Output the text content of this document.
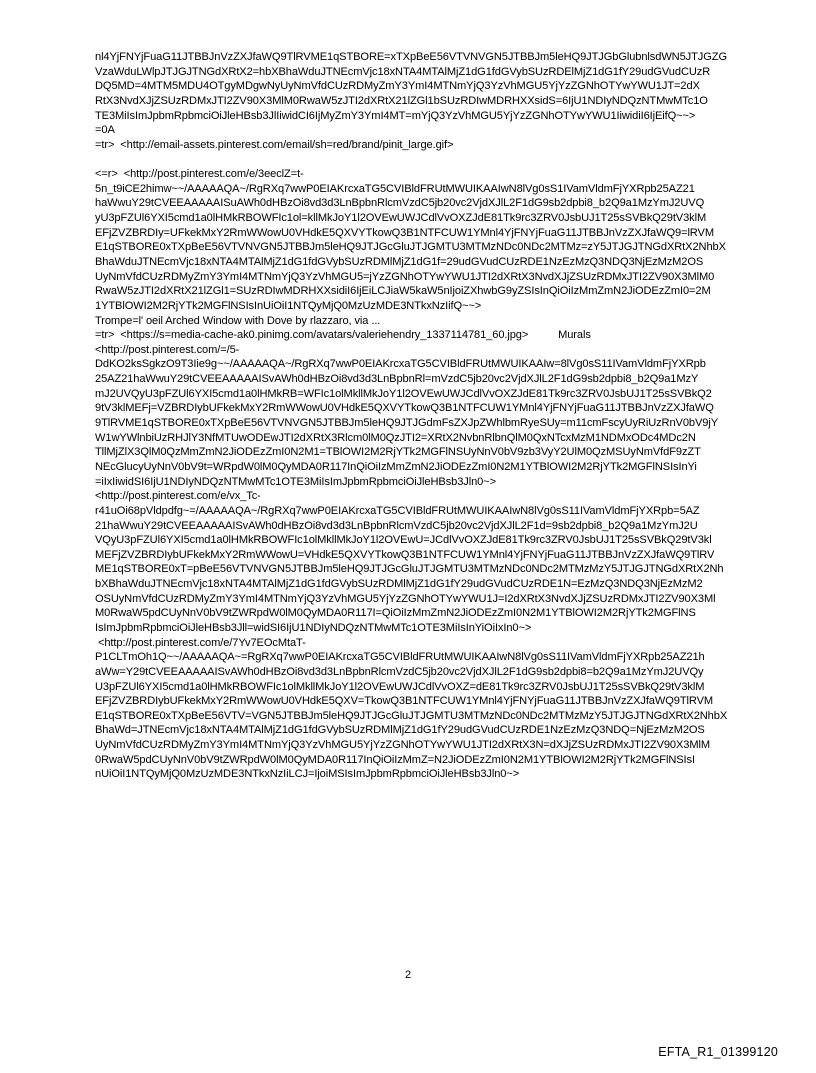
nl4YjFNYjFuaG11JTBBJnVzZXJfaWQ9TlRVME1qSTBORE=xTXpBeE56VTVNVGN5JTBBJm5leHQ9JTJGbGlubnlsdWN5JTJGZG
VzaWduLWlpJTJGJTNGdXRtX2=hbXBhaWduJTNEcmVjc18xNTA4MTAlMjZ1dG1fdGVybSUzRDElMjZ1dG1fY29udGVudCUzR
DQ5MD=4MTM5MDU4OTgyMDgwNyUyNmVfdCUzRDMyZmY3YmI4MTNmYjQ3YzVhMGU5YjYzZGNhOTYwYWU1JT=2dX
RtX3NvdXJjZSUzRDMxJTI2ZV90X3MlM0RwaW5zJTI2dXRtX21lZGl1bSUzRDIwMDRHXXsidS=6IjU1NDIyNDQzNTMwMTc1O
TE3MiIsImJpbmRpbmciOiJleHBsb3JlIiwidCI6IjMyZmY3YmI4MT=mYjQ3YzVhMGU5YjYzZGNhOTYwYWU1IiwidiI6IjEifQ~~>
=0A
=tr>  <http://email-assets.pinterest.com/email/sh=red/brand/pinit_large.gif>
<=r>  <http://post.pinterest.com/e/3eeclZ=t-
5n_t9iCE2himw~~/AAAAAQA~/RgRXq7wwP0EIAKrcxaTG5CVIBldFRUtMWUIKAAIwN8lVg0sS1IVamVldmFjYXRpb25AZ21
haWwuY29tCVEEAAAAAISuAWh0dHBzOi8vd3d3LnBpbnRlcmVzdC5jb20vc2VjdXJlL2F1dG9sb2dpbi8_b2Q9a1MzYmJ2UVQ
yU3pFZUl6YXI5cmd1a0lHMkRBOWFIc1ol=kllMkJoY1l2OVEwUWJCdlVvOXZJdE81Tk9rc3ZRV0JsbUJ1T25sSVBkQ29tV3klM
EFjZVZBRDIy=UFkekMxY2RmWWowU0VHdkE5QXVYTkowQ3B1NTFCUW1YMnl4YjFNYjFuaG11JTBBJnVzZXJfaWQ9=lRVM
E1qSTBORE0xTXpBeE56VTVNVGN5JTBBJm5leHQ9JTJGcGluJTJGMTU3MTMzNDc0NDc2MTMz=zY5JTJGJTNGdXRtX2NhbX
BhaWduJTNEcmVjc18xNTA4MTAlMjZ1dG1fdGVybSUzRDMlMjZ1dG1f=29udGVudCUzRDE1NzEzMzQ3NDQ3NjEzMzM2OS
UyNmVfdCUzRDMyZmY3YmI4MTNmYjQ3YzVhMGU5=jYzZGNhOTYwYWU1JTI2dXRtX3NvdXJjZSUzRDMxJTI2ZV90X3MlM0
RwaW5zJTI2dXRtX21lZGl1=SUzRDIwMDRHXXsidiI6IjEiLCJiaW5kaW5nIjoiZXhwbG9yZSIsInQiOiIzMmZmN2JiODEzZmI0=2M
1YTBlOWI2M2RjYTk2MGFlNSIsInUiOiI1NTQyMjQ0MzUzMDE3NTkxNzIifQ~~>
Trompe=l' oeil Arched Window with Dove by rlazzaro, via ...
=tr>  <https://s=media-cache-ak0.pinimg.com/avatars/valeriehendry_1337114781_60.jpg>          Murals
<http://post.pinterest.com/=/5-
DdKO2ksSgkzO9T3Iie9g~~/AAAAAQA~/RgRXq7wwP0EIAKrcxaTG5CVIBldFRUtMWUIKAAIw=8lVg0sS11IVamVldmFjYXRpb
25AZ21haWwuY29tCVEEAAAAAISvAWh0dHBzOi8vd3d3LnBpbnRl=mVzdC5jb20vc2VjdXJlL2F1dG9sb2dpbi8_b2Q9a1MzY
mJ2UVQyU3pFZUl6YXI5cmd1a0lHMkRB=WFIc1olMkllMkJoY1l2OVEwUWJCdlVvOXZJdE81Tk9rc3ZRV0JsbUJ1T25sSVBkQ2
9tV3klMEFj=VZBRDIybUFkekMxY2RmWWowU0VHdkE5QXVYTkowQ3B1NTFCUW1YMnl4YjFNYjFuaG11JTBBJnVzZXJfaWQ
9TlRVME1qSTBORE0xTXpBeE56VTVNVGN5JTBBJm5leHQ9JTJGdmFsZXJpZWhlbmRyeSUy=m11cmFscyUyRiUzRnV0bV9jY
W1wYWlnbiUzRHJlY3NfMTUwODEwJTI2dXRtX3Rlcm0lM0QzJTI2=XRtX2NvbnRlbnQlM0QxNTcxMzM1NDMxODc4MDc2N
TllMjZlX3QlM0QzMmZmN2JiODEzZmI0N2M1=TBlOWI2M2RjYTk2MGFlNSUyNnV0bV9zb3VyY2UlM0QzMSUyNmVfdF9zZT
NEcGlucyUyNnV0bV9t=WRpdW0lM0QyMDA0R117InQiOiIzMmZmN2JiODEzZmI0N2M1YTBlOWI2M2RjYTk2MGFlNSIsInYi
=iIxIiwidSI6IjU1NDIyNDQzNTMwMTc1OTE3MiIsImJpbmRpbmciOiJleHBsb3Jln0~>
<http://post.pinterest.com/e/vx_Tc-
r41uOi68pVldpdfg~=/AAAAAQA~/RgRXq7wwP0EIAKrcxaTG5CVIBldFRUtMWUIKAAIwN8lVg0sS11IVamVldmFjYXRpb=5AZ
21haWwuY29tCVEEAAAAAISvAWh0dHBzOi8vd3d3LnBpbnRlcmVzdC5jb20vc2VjdXJlL2F1d=9sb2dpbi8_b2Q9a1MzYmJ2U
VQyU3pFZUl6YXI5cmd1a0lHMkRBOWFIc1olMkllMkJoY1l2OVEwU=JCdlVvOXZJdE81Tk9rc3ZRV0JsbUJ1T25sSVBkQ29tV3kl
MEFjZVZBRDIybUFkekMxY2RmWWowU=VHdkE5QXVYTkowQ3B1NTFCUW1YMnl4YjFNYjFuaG11JTBBJnVzZXJfaWQ9TlRV
ME1qSTBORE0xT=pBeE56VTVNVGN5JTBBJm5leHQ9JTJGcGluJTJGMTU3MTMzNDc0NDc2MTMzMzY5JTJGJTNGdXRtX2Nh
bXBhaWduJTNEcmVjc18xNTA4MTAlMjZ1dG1fdGVybSUzRDMlMjZ1dG1fY29udGVudCUzRDE1N=EzMzQ3NDQ3NjEzMzM2
OSUyNmVfdCUzRDMyZmY3YmI4MTNmYjQ3YzVhMGU5YjYzZGNhOTYwYWU1J=I2dXRtX3NvdXJjZSUzRDMxJTI2ZV90X3Ml
M0RwaW5pdCUyNnV0bV9tZWRpdW0lM0QyMDA0R117I=QiOiIzMmZmN2JiODEzZmI0N2M1YTBlOWI2M2RjYTk2MGFlNS
IsImJpbmRpbmciOiJleHBsb3Jll=widSI6IjU1NDIyNDQzNTMwMTc1OTE3MiIsInYiOiIxIn0~>
<http://post.pinterest.com/e/7Yv7EOcMtaT-
P1CLTmOh1Q~~/AAAAAQA~=RgRXq7wwP0EIAKrcxaTG5CVIBldFRUtMWUIKAAIwN8lVg0sS11IVamVldmFjYXRpb25AZ21h
aWw=Y29tCVEEAAAAAISvAWh0dHBzOi8vd3d3LnBpbnRlcmVzdC5jb20vc2VjdXJlL2F1dG9sb2dpbi8=b2Q9a1MzYmJ2UVQy
U3pFZUl6YXI5cmd1a0lHMkRBOWFIc1olMkllMkJoY1l2OVEwUWJCdlVvOXZ=dE81Tk9rc3ZRV0JsbUJ1T25sSVBkQ29tV3klM
EFjZVZBRDIybUFkekMxY2RmWWowU0VHdkE5QXV=TkowQ3B1NTFCUW1YMnl4YjFNYjFuaG11JTBBJnVzZXJfaWQ9TlRVM
E1qSTBORE0xTXpBeE56VTV=VGN5JTBBJm5leHQ9JTJGcGluJTJGMTU3MTMzNDc0NDc2MTMzMzY5JTJGJTNGdXRtX2NhbX
BhaWd=JTNEcmVjc18xNTA4MTAlMjZ1dG1fdGVybSUzRDMlMjZ1dG1fY29udGVudCUzRDE1NzEzMzQ3NDQ=NjEzMzM2OS
UyNmVfdCUzRDMyZmY3YmI4MTNmYjQ3YzVhMGU5YjYzZGNhOTYwYWU1JTI2dXRtX3N=dXJjZSUzRDMxJTI2ZV90X3MlM
0RwaW5pdCUyNnV0bV9tZWRpdW0lM0QyMDA0R117InQiOiIzMmZ=N2JiODEzZmI0N2M1YTBlOWI2M2RjYTk2MGFlNSIsI
nUiOiI1NTQyMjQ0MzUzMDE3NTkxNzIiLCJ=IjoiMSIsImJpbmRpbmciOiJleHBsb3Jln0~>
2
EFTA_R1_01399120
